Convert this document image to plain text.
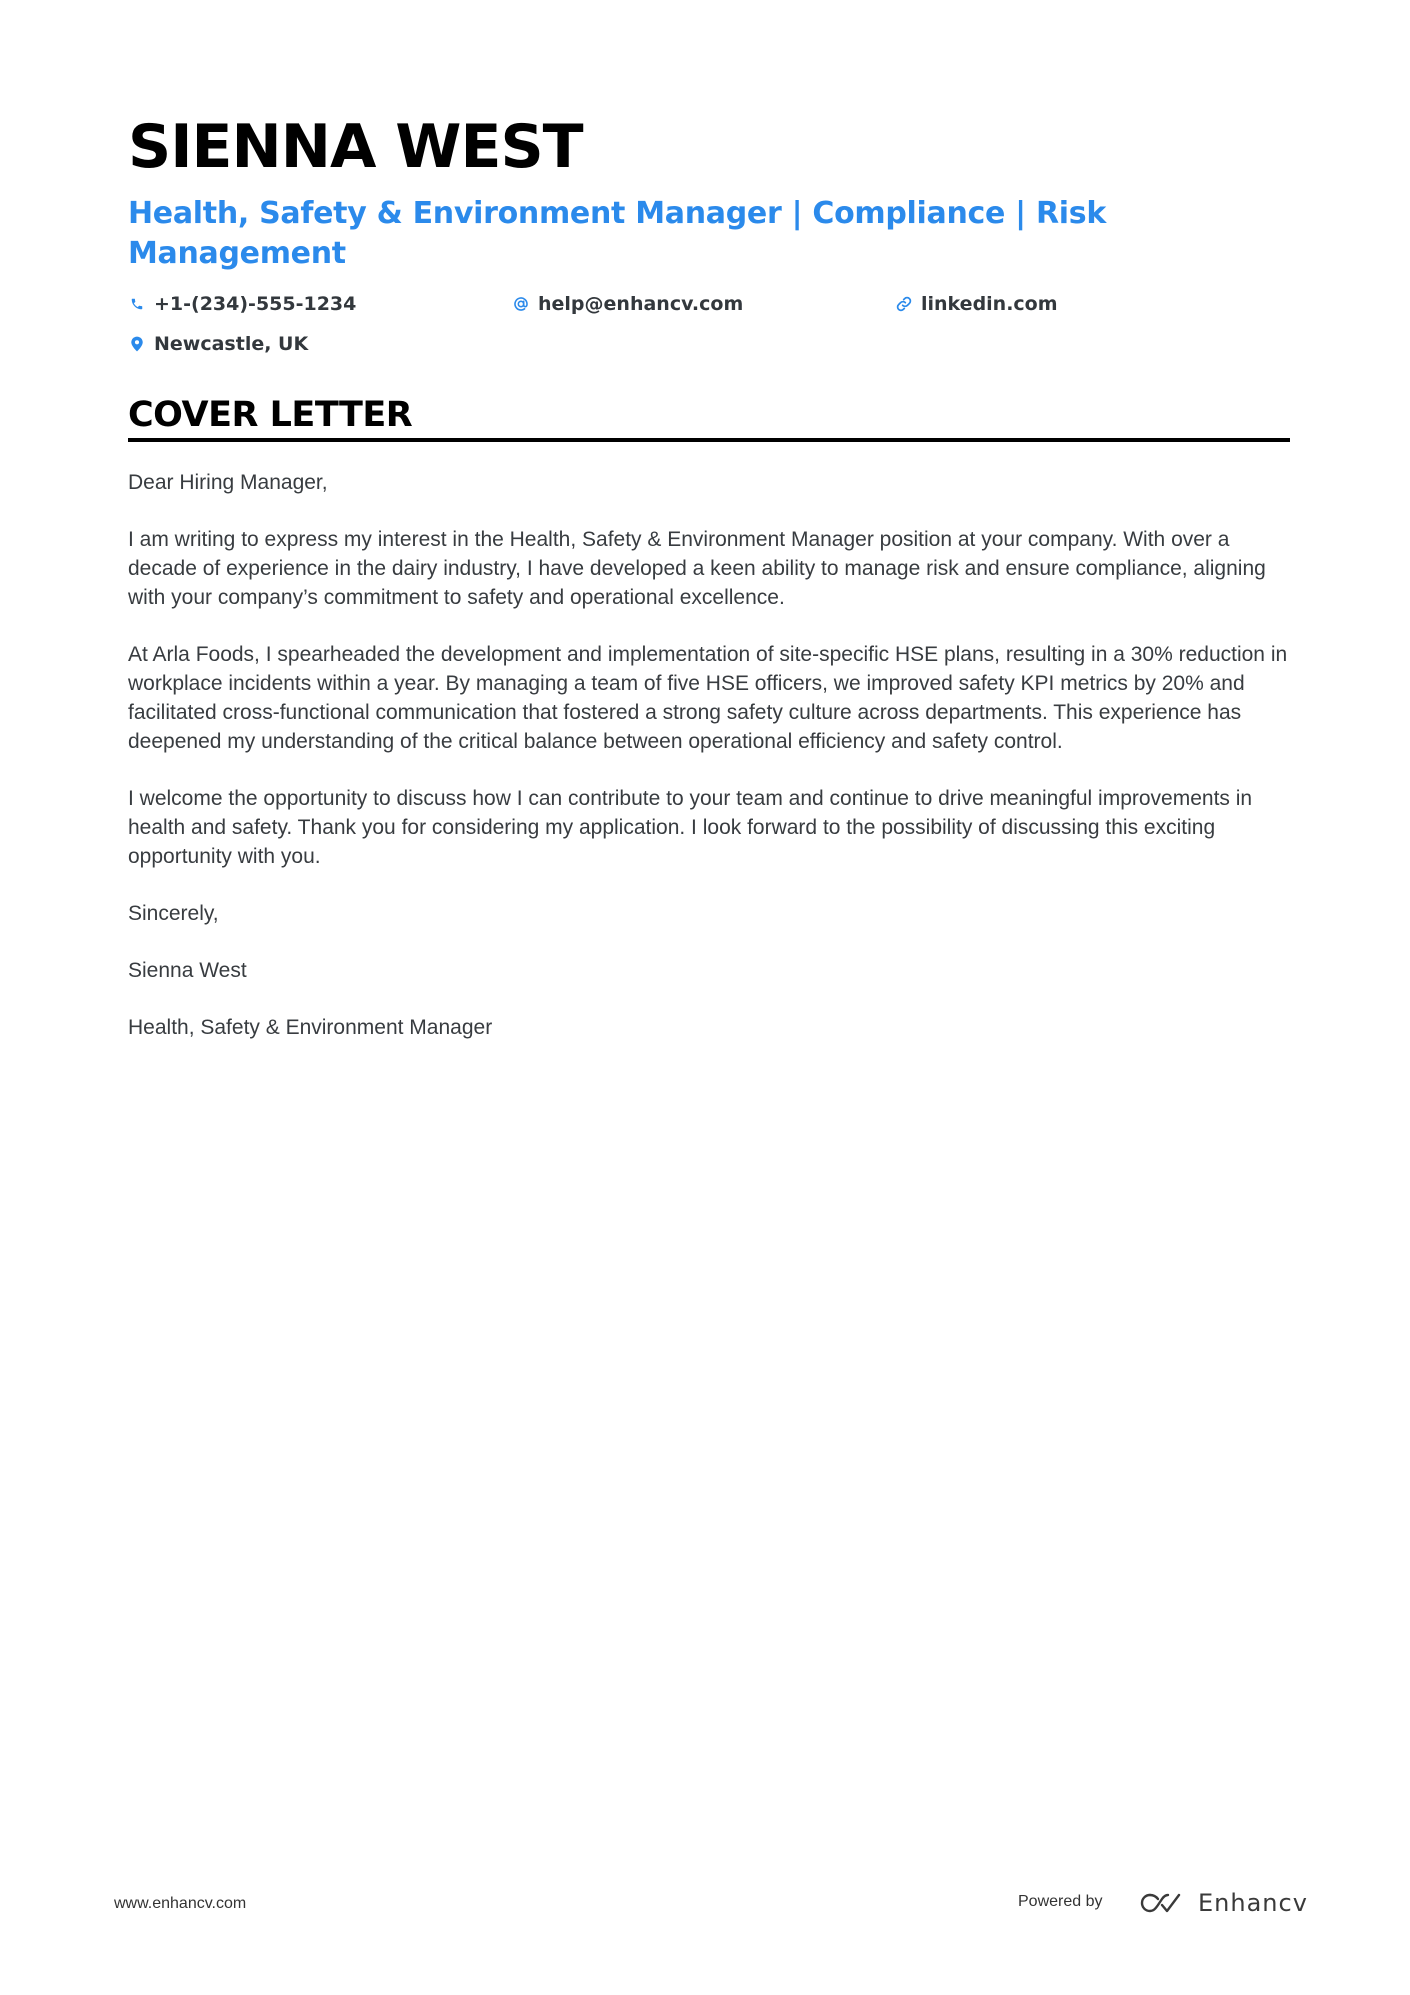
SIENNA WEST
Health, Safety & Environment Manager | Compliance | Risk Management
+1-(234)-555-1234	help@enhancv.com	linkedin.com
Newcastle, UK
COVER LETTER

Dear Hiring Manager,

I am writing to express my interest in the Health, Safety & Environment Manager position at your company. With over a decade of experience in the dairy industry, I have developed a keen ability to manage risk and ensure compliance, aligning with your company’s commitment to safety and operational excellence.

At Arla Foods, I spearheaded the development and implementation of site-specific HSE plans, resulting in a 30% reduction in workplace incidents within a year. By managing a team of five HSE officers, we improved safety KPI metrics by 20% and facilitated cross-functional communication that fostered a strong safety culture across departments. This experience has deepened my understanding of the critical balance between operational efficiency and safety control.

I welcome the opportunity to discuss how I can contribute to your team and continue to drive meaningful improvements in health and safety. Thank you for considering my application. I look forward to the possibility of discussing this exciting opportunity with you.

Sincerely,

Sienna West

Health, Safety & Environment Manager

www.enhancv.com	Powered by	Enhancv
